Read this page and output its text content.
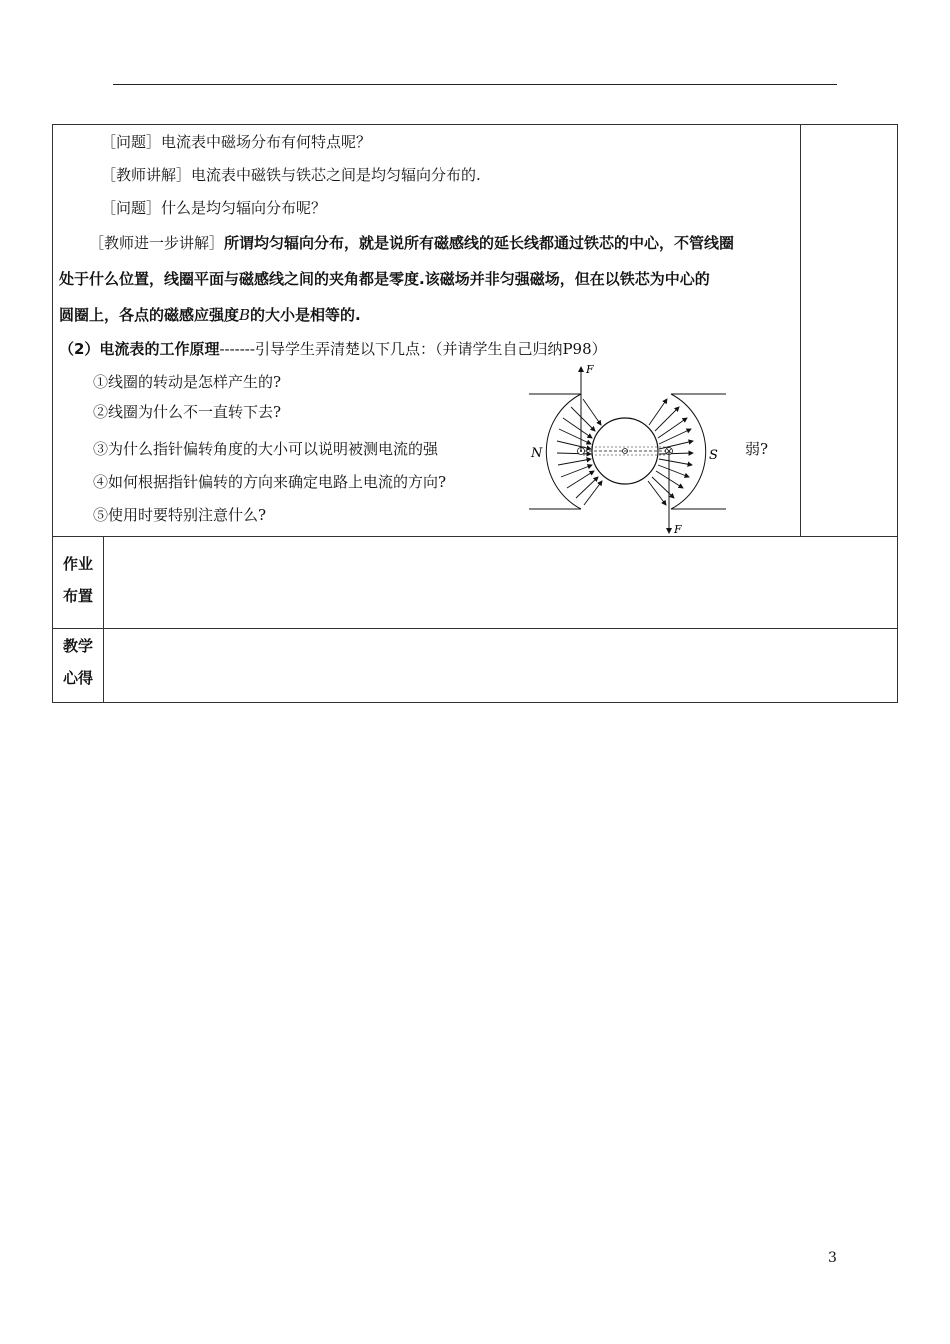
［问题］电流表中磁场分布有何特点呢？
［教师讲解］电流表中磁铁与铁芯之间是均匀辐向分布的.
［问题］什么是均匀辐向分布呢？
［教师进一步讲解］所谓均匀辐向分布，就是说所有磁感线的延长线都通过铁芯的中心，不管线圈
处于什么位置，线圈平面与磁感线之间的夹角都是零度.该磁场并非匀强磁场，但在以铁芯为中心的
圆圈上，各点的磁感应强度B的大小是相等的.
（2）电流表的工作原理-------引导学生弄清楚以下几点：（并请学生自己归纳P98）
①线圈的转动是怎样产生的?
②线圈为什么不一直转下去?
③为什么指针偏转角度的大小可以说明被测电流的强	弱?
④如何根据指针偏转的方向来确定电路上电流的方向?
⑤使用时要特别注意什么?
F
F
N	S
作业
布置
教学
心得
3
